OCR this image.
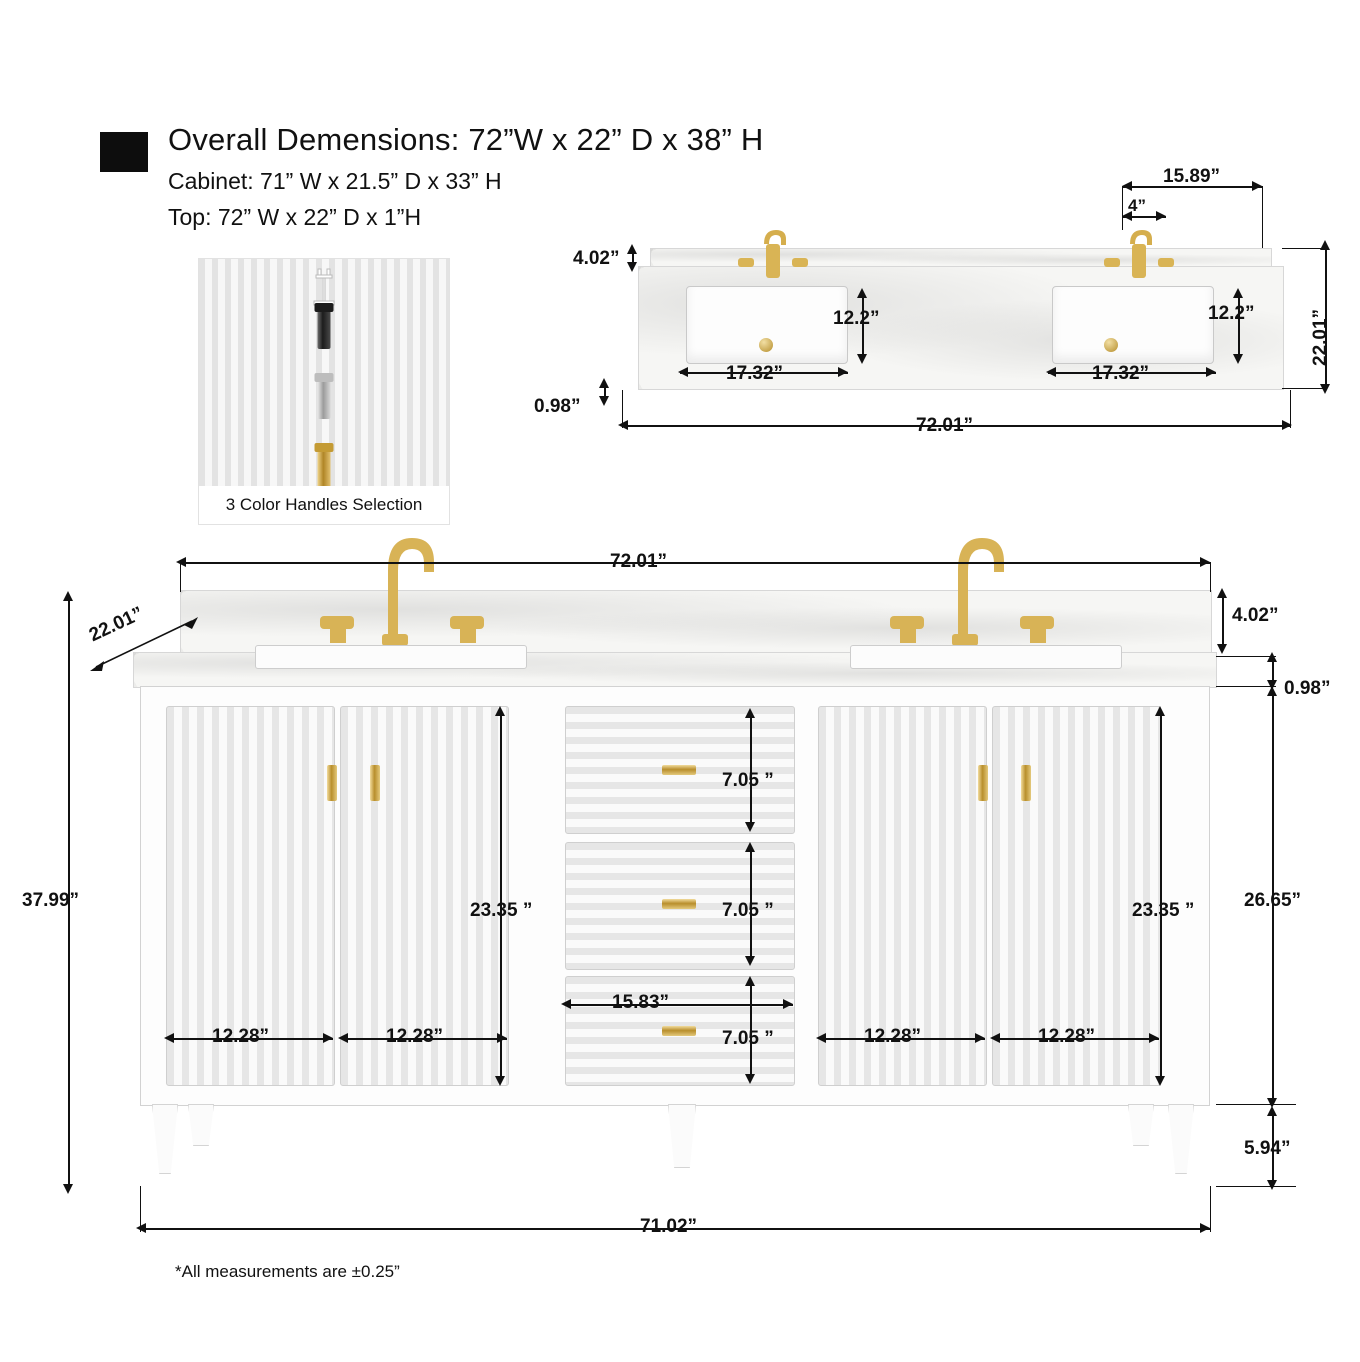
Overall Demensions: 72”W x 22” D x 38” H
Cabinet: 71” W x 21.5” D x 33” H
Top: 72” W x 22” D x 1”H
3 Color Handles Selection
15.89”
4”
4.02”
0.98”
22.01”
12.2”	12.2”
17.32”	17.32”
72.01”
22.01”
72.01”
4.02”
0.98”
37.99”	26.65”
5.94”
23.35 ”	23.35 ”
7.05 ”
7.05 ”
7.05 ”
15.83”
12.28”	12.28”	12.28”	12.28”
71.02”
*All measurements are ±0.25”
